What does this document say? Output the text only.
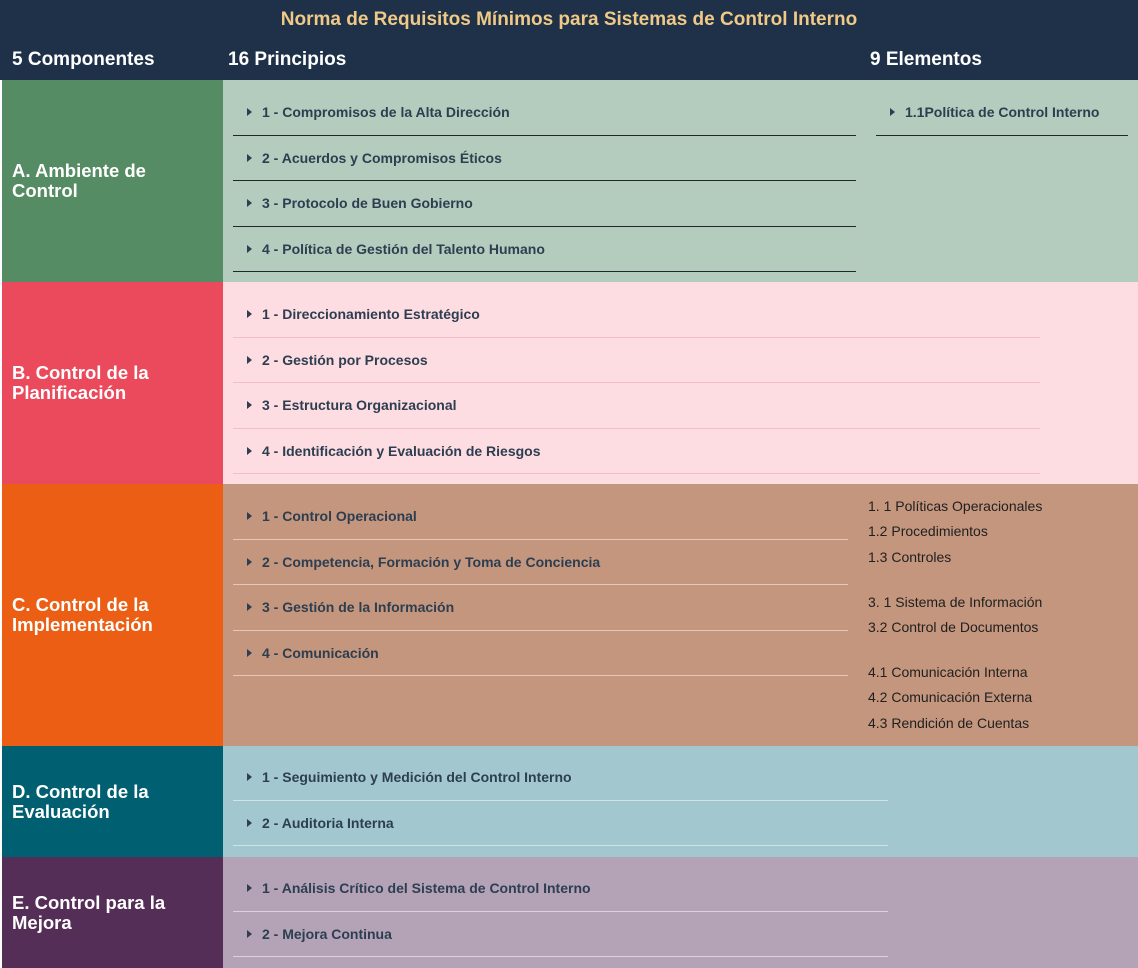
Norma de Requisitos Mínimos para Sistemas de Control Interno
5 Componentes	16 Principios	9 Elementos
A. Ambiente de Control
1 - Compromisos de la Alta Dirección
2 - Acuerdos y Compromisos Éticos
3 - Protocolo de Buen Gobierno
4 - Política de Gestión del Talento Humano
1.1Política de Control Interno
B. Control de la Planificación
1 - Direccionamiento Estratégico
2 - Gestión por Procesos
3 - Estructura Organizacional
4 - Identificación y Evaluación de Riesgos
C. Control de la Implementación
1 - Control Operacional
2 - Competencia, Formación y Toma de Conciencia
3 - Gestión de la Información
4 - Comunicación
1. 1 Políticas Operacionales
1.2 Procedimientos
1.3 Controles
3. 1 Sistema de Información
3.2 Control de Documentos
4.1 Comunicación Interna
4.2 Comunicación Externa
4.3 Rendición de Cuentas
D. Control de la Evaluación
1 - Seguimiento y Medición del Control Interno
2 - Auditoria Interna
E. Control para la Mejora
1 - Análisis Crítico del Sistema de Control Interno
2 - Mejora Continua
